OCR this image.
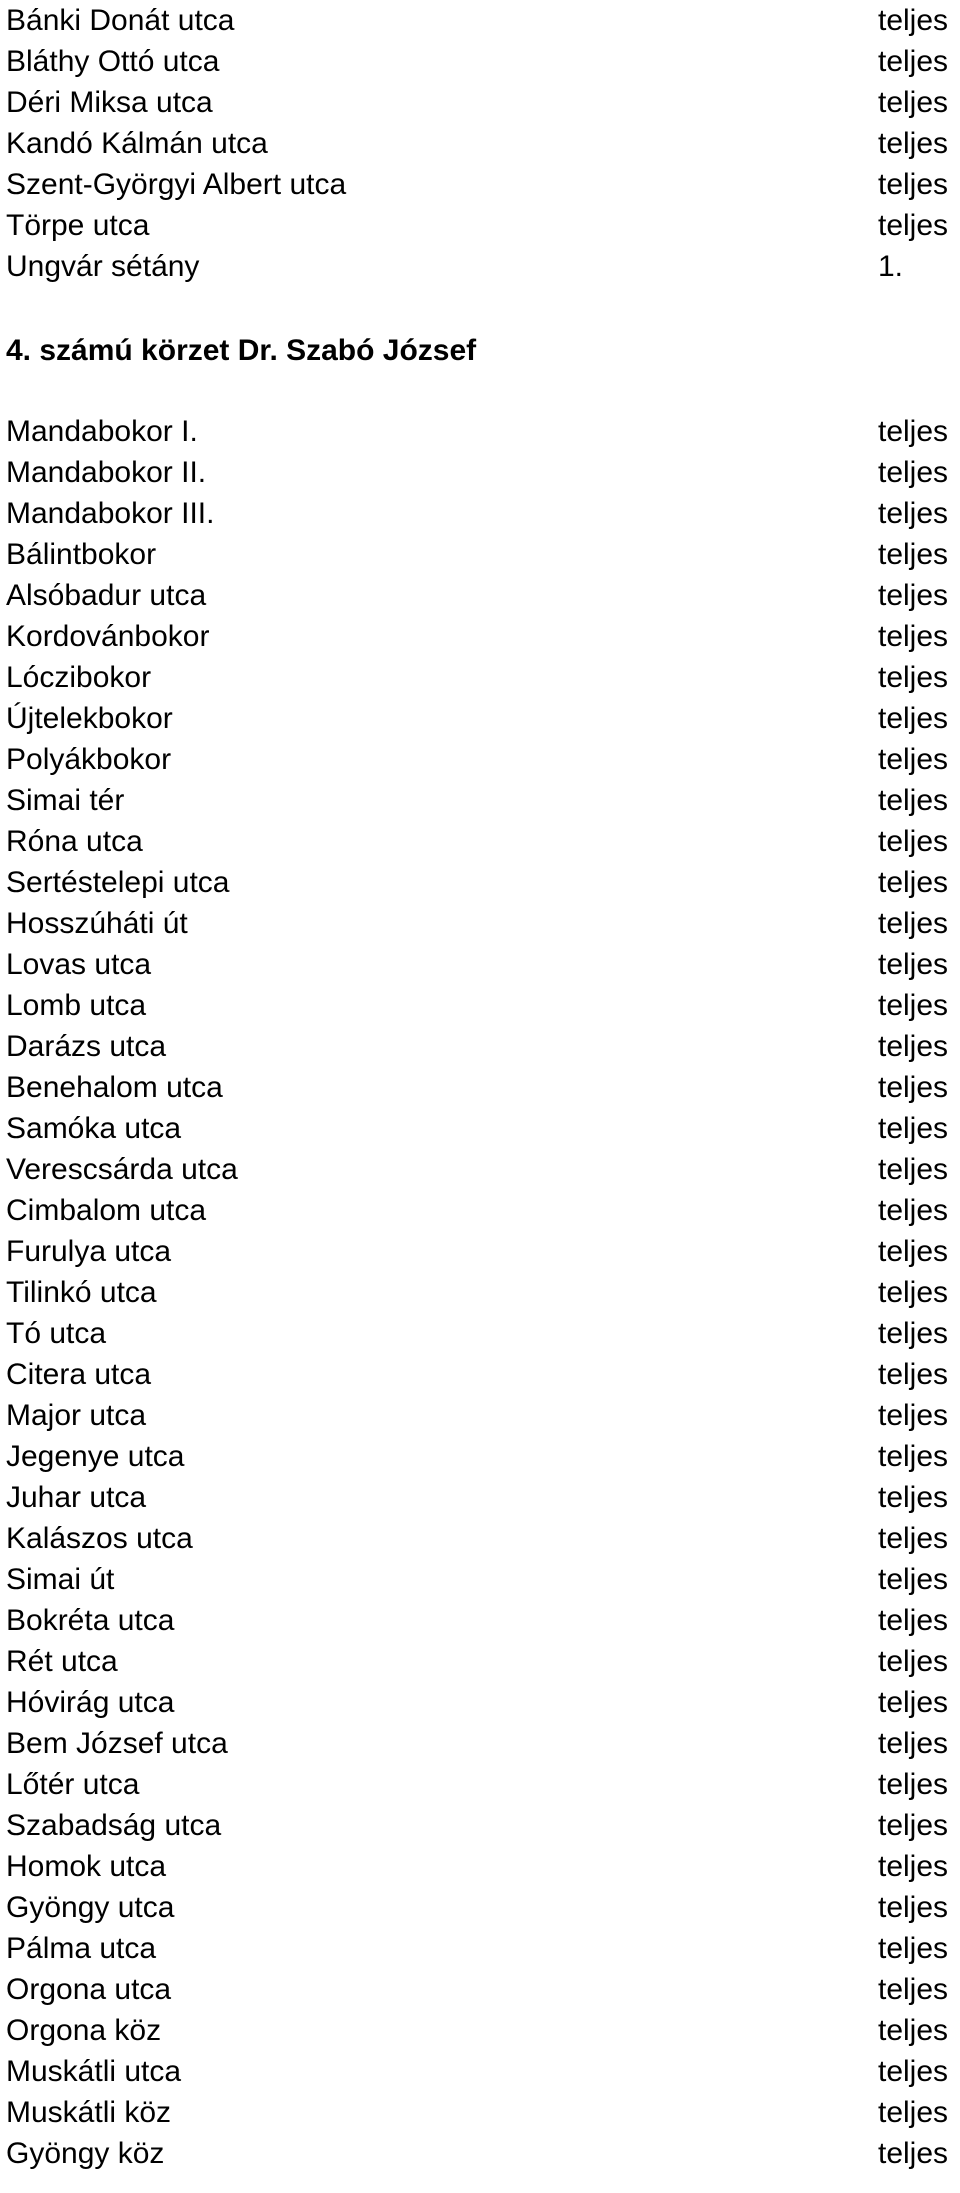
Bánki Donát utca	teljes
Bláthy Ottó utca	teljes
Déri Miksa utca	teljes
Kandó Kálmán utca	teljes
Szent-Györgyi Albert utca	teljes
Törpe utca	teljes
Ungvár sétány	1.
4. számú körzet Dr. Szabó József
Mandabokor I.	teljes
Mandabokor II.	teljes
Mandabokor III.	teljes
Bálintbokor	teljes
Alsóbadur utca	teljes
Kordovánbokor	teljes
Lóczibokor	teljes
Újtelekbokor	teljes
Polyákbokor	teljes
Simai tér	teljes
Róna utca	teljes
Sertéstelepi utca	teljes
Hosszúháti út	teljes
Lovas utca	teljes
Lomb utca	teljes
Darázs utca	teljes
Benehalom utca	teljes
Samóka utca	teljes
Verescsárda utca	teljes
Cimbalom utca	teljes
Furulya utca	teljes
Tilinkó utca	teljes
Tó utca	teljes
Citera utca	teljes
Major utca	teljes
Jegenye utca	teljes
Juhar utca	teljes
Kalászos utca	teljes
Simai út	teljes
Bokréta utca	teljes
Rét utca	teljes
Hóvirág utca	teljes
Bem József utca	teljes
Lőtér utca	teljes
Szabadság utca	teljes
Homok utca	teljes
Gyöngy utca	teljes
Pálma utca	teljes
Orgona utca	teljes
Orgona köz	teljes
Muskátli utca	teljes
Muskátli köz	teljes
Gyöngy köz	teljes
